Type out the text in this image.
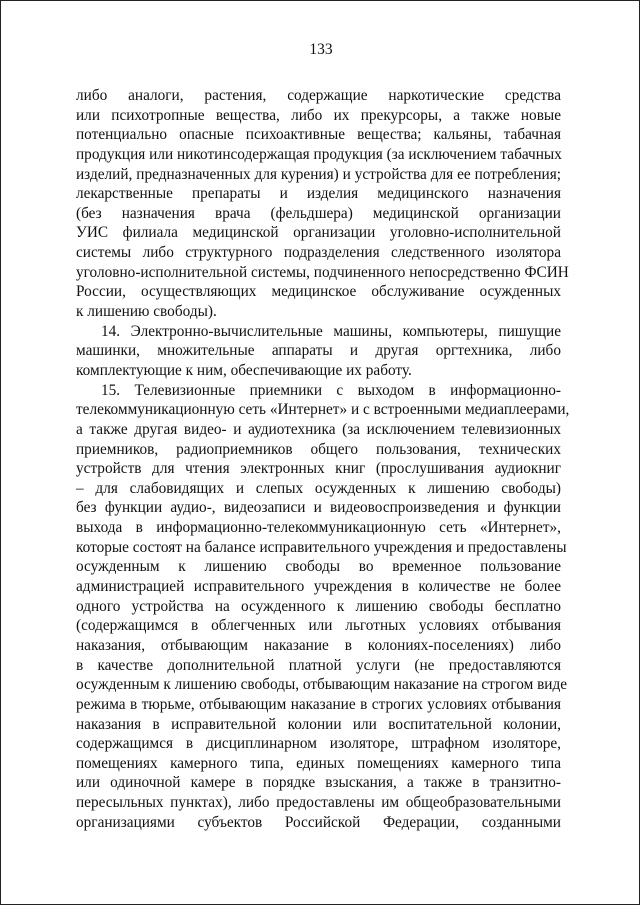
133
либо аналоги, растения, содержащие наркотические средства
или психотропные вещества, либо их прекурсоры, а также новые
потенциально опасные психоактивные вещества; кальяны, табачная
продукция или никотинсодержащая продукция (за исключением табачных
изделий, предназначенных для курения) и устройства для ее потребления;
лекарственные препараты и изделия медицинского назначения
(без назначения врача (фельдшера) медицинской организации
УИС филиала медицинской организации уголовно-исполнительной
системы либо структурного подразделения следственного изолятора
уголовно-исполнительной системы, подчиненного непосредственно ФСИН
России, осуществляющих медицинское обслуживание осужденных
к лишению свободы).
14. Электронно-вычислительные машины, компьютеры, пишущие
машинки, множительные аппараты и другая оргтехника, либо
комплектующие к ним, обеспечивающие их работу.
15. Телевизионные приемники с выходом в информационно-
телекоммуникационную сеть «Интернет» и с встроенными медиаплеерами,
а также другая видео- и аудиотехника (за исключением телевизионных
приемников, радиоприемников общего пользования, технических
устройств для чтения электронных книг (прослушивания аудиокниг
– для слабовидящих и слепых осужденных к лишению свободы)
без функции аудио-, видеозаписи и видеовоспроизведения и функции
выхода в информационно-телекоммуникационную сеть «Интернет»,
которые состоят на балансе исправительного учреждения и предоставлены
осужденным к лишению свободы во временное пользование
администрацией исправительного учреждения в количестве не более
одного устройства на осужденного к лишению свободы бесплатно
(содержащимся в облегченных или льготных условиях отбывания
наказания, отбывающим наказание в колониях-поселениях) либо
в качестве дополнительной платной услуги (не предоставляются
осужденным к лишению свободы, отбывающим наказание на строгом виде
режима в тюрьме, отбывающим наказание в строгих условиях отбывания
наказания в исправительной колонии или воспитательной колонии,
содержащимся в дисциплинарном изоляторе, штрафном изоляторе,
помещениях камерного типа, единых помещениях камерного типа
или одиночной камере в порядке взыскания, а также в транзитно-
пересыльных пунктах), либо предоставлены им общеобразовательными
организациями субъектов Российской Федерации, созданными
